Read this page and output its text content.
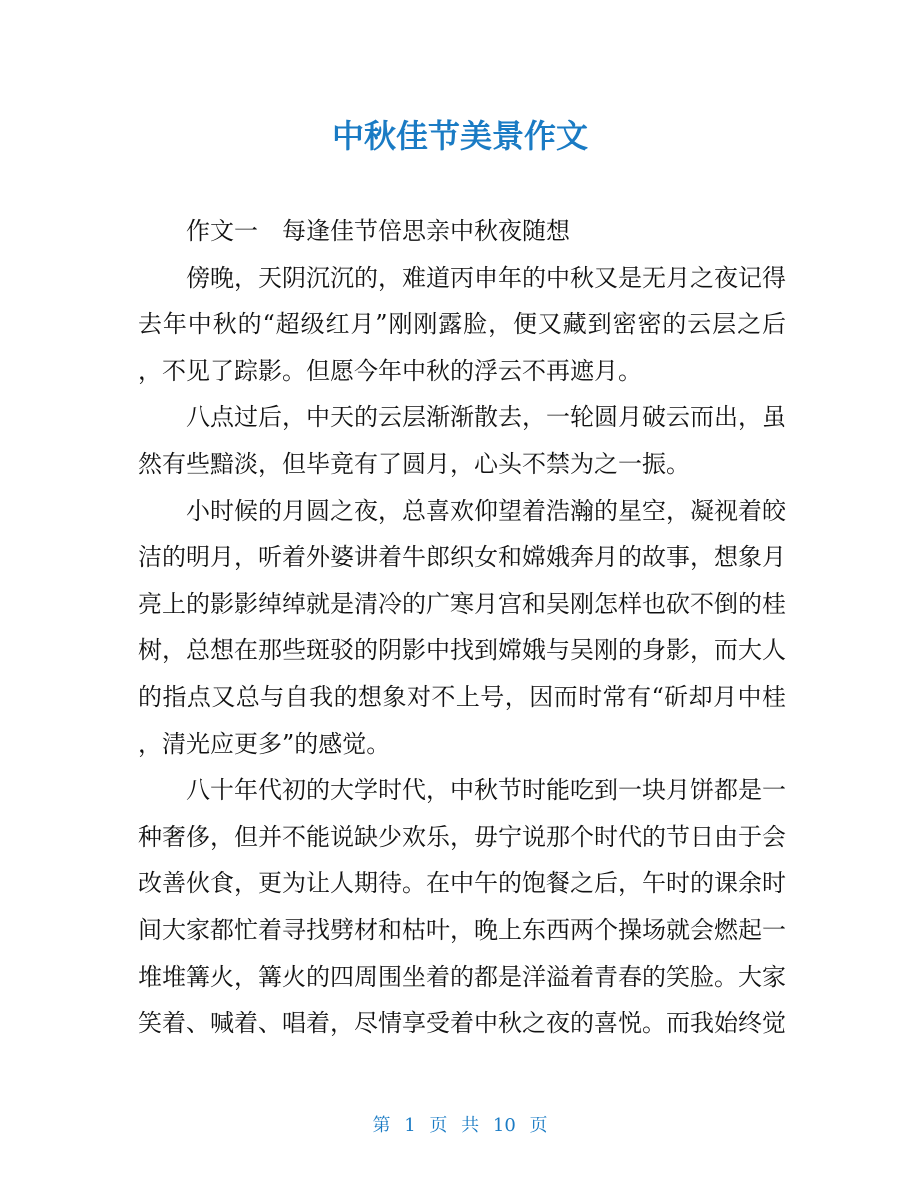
中秋佳节美景作文
　　作文一　每逢佳节倍思亲中秋夜随想
　　傍晚，天阴沉沉的，难道丙申年的中秋又是无月之夜记得
去年中秋的“超级红月”刚刚露脸，便又藏到密密的云层之后
，不见了踪影。但愿今年中秋的浮云不再遮月。
　　八点过后，中天的云层渐渐散去，一轮圆月破云而出，虽
然有些黯淡，但毕竟有了圆月，心头不禁为之一振。
　　小时候的月圆之夜，总喜欢仰望着浩瀚的星空，凝视着皎
洁的明月，听着外婆讲着牛郎织女和嫦娥奔月的故事，想象月
亮上的影影绰绰就是清冷的广寒月宫和吴刚怎样也砍不倒的桂
树，总想在那些斑驳的阴影中找到嫦娥与吴刚的身影，而大人
的指点又总与自我的想象对不上号，因而时常有“斫却月中桂
，清光应更多”的感觉。
　　八十年代初的大学时代，中秋节时能吃到一块月饼都是一
种奢侈，但并不能说缺少欢乐，毋宁说那个时代的节日由于会
改善伙食，更为让人期待。在中午的饱餐之后，午时的课余时
间大家都忙着寻找劈材和枯叶，晚上东西两个操场就会燃起一
堆堆篝火，篝火的四周围坐着的都是洋溢着青春的笑脸。大家
笑着、喊着、唱着，尽情享受着中秋之夜的喜悦。而我始终觉
第 1 页 共 10 页
